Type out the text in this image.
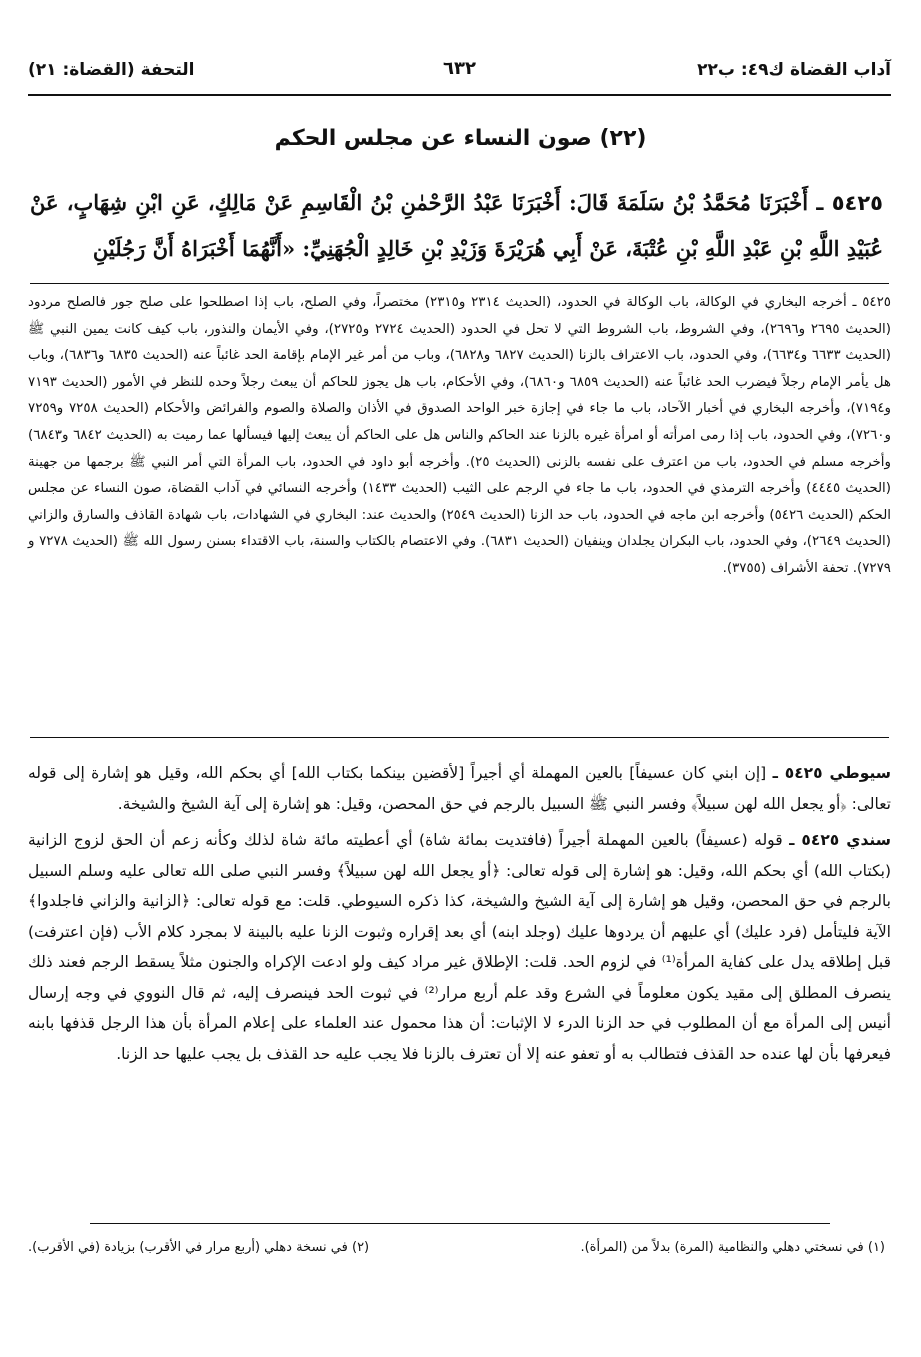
آداب القضاة ك٤٩: ب٢٢
٦٣٢
التحفة (القضاة: ٢١)
(٢٢) صون النساء عن مجلس الحكم
٥٤٢٥ ـ أَخْبَرَنَا مُحَمَّدُ بْنُ سَلَمَةَ قَالَ: أَخْبَرَنَا عَبْدُ الرَّحْمٰنِ بْنُ الْقَاسِمِ عَنْ مَالِكٍ، عَنِ ابْنِ شِهَابٍ، عَنْ عُبَيْدِ اللَّهِ بْنِ عَبْدِ اللَّهِ بْنِ عُتْبَةَ، عَنْ أَبِي هُرَيْرَةَ وَزَيْدِ بْنِ خَالِدٍ الْجُهَنِيِّ: «أَنَّهُمَا أَخْبَرَاهُ أَنَّ رَجُلَيْنِ
٥٤٢٥ ـ أخرجه البخاري في الوكالة، باب الوكالة في الحدود، (الحديث ٢٣١٤ و٢٣١٥) مختصراً، وفي الصلح، باب إذا اصطلحوا على صلح جور فالصلح مردود (الحديث ٢٦٩٥ و٢٦٩٦)، وفي الشروط، باب الشروط التي لا تحل في الحدود (الحديث ٢٧٢٤ و٢٧٢٥)، وفي الأيمان والنذور، باب كيف كانت يمين النبي ﷺ (الحديث ٦٦٣٣ و٦٦٣٤)، وفي الحدود، باب الاعتراف بالزنا (الحديث ٦٨٢٧ و٦٨٢٨)، وباب من أمر غير الإمام بإقامة الحد غائباً عنه (الحديث ٦٨٣٥ و٦٨٣٦)، وباب هل يأمر الإمام رجلاً فيضرب الحد غائباً عنه (الحديث ٦٨٥٩ و٦٨٦٠)، وفي الأحكام، باب هل يجوز للحاكم أن يبعث رجلاً وحده للنظر في الأمور (الحديث ٧١٩٣ و٧١٩٤)، وأخرجه البخاري في أخبار الآحاد، باب ما جاء في إجازة خبر الواحد الصدوق في الأذان والصلاة والصوم والفرائض والأحكام (الحديث ٧٢٥٨ و٧٢٥٩ و٧٢٦٠)، وفي الحدود، باب إذا رمى امرأته أو امرأة غيره بالزنا عند الحاكم والناس هل على الحاكم أن يبعث إليها فيسألها عما رميت به (الحديث ٦٨٤٢ و٦٨٤٣) وأخرجه مسلم في الحدود، باب من اعترف على نفسه بالزنى (الحديث ٢٥). وأخرجه أبو داود في الحدود، باب المرأة التي أمر النبي ﷺ برجمها من جهينة (الحديث ٤٤٤٥) وأخرجه الترمذي في الحدود، باب ما جاء في الرجم على الثيب (الحديث ١٤٣٣) وأخرجه النسائي في آداب القضاة، صون النساء عن مجلس الحكم (الحديث ٥٤٢٦) وأخرجه ابن ماجه في الحدود، باب حد الزنا (الحديث ٢٥٤٩) والحديث عند: البخاري في الشهادات، باب شهادة القاذف والسارق والزاني (الحديث ٢٦٤٩)، وفي الحدود، باب البكران يجلدان وينفيان (الحديث ٦٨٣١). وفي الاعتصام بالكتاب والسنة، باب الاقتداء بسنن رسول الله ﷺ (الحديث ٧٢٧٨ و ٧٢٧٩). تحفة الأشراف (٣٧٥٥).

سيوطي ٥٤٢٥ ـ [إن ابني كان عسيفاً] بالعين المهملة أي أجيراً [لأقضين بينكما بكتاب الله] أي بحكم الله، وقيل هو إشارة إلى قوله تعالى: ﴿أو يجعل الله لهن سبيلاً﴾ وفسر النبي ﷺ السبيل بالرجم في حق المحصن، وقيل: هو إشارة إلى آية الشيخ والشيخة.

سندي ٥٤٢٥ ـ قوله (عسيفاً) بالعين المهملة أجيراً (فافتديت بمائة شاة) أي أعطيته مائة شاة لذلك وكأنه زعم أن الحق لزوج الزانية (بكتاب الله) أي بحكم الله، وقيل: هو إشارة إلى قوله تعالى: ﴿أو يجعل الله لهن سبيلاً﴾ وفسر النبي صلى الله تعالى عليه وسلم السبيل بالرجم في حق المحصن، وقيل هو إشارة إلى آية الشيخ والشيخة، كذا ذكره السيوطي. قلت: مع قوله تعالى: ﴿الزانية والزاني فاجلدوا﴾ الآية فليتأمل (فرد عليك) أي عليهم أن يردوها عليك (وجلد ابنه) أي بعد إقراره وثبوت الزنا عليه بالبينة لا بمجرد كلام الأب (فإن اعترفت) قبل إطلاقه يدل على كفاية المرأة⁽¹⁾ في لزوم الحد. قلت: الإطلاق غير مراد كيف ولو ادعت الإكراه والجنون مثلاً يسقط الرجم فعند ذلك ينصرف المطلق إلى مقيد يكون معلوماً في الشرع وقد علم أربع مرار⁽²⁾ في ثبوت الحد فينصرف إليه، ثم قال النووي في وجه إرسال أنيس إلى المرأة مع أن المطلوب في حد الزنا الدرء لا الإثبات: أن هذا محمول عند العلماء على إعلام المرأة بأن هذا الرجل قذفها بابنه فيعرفها بأن لها عنده حد القذف فتطالب به أو تعفو عنه إلا أن تعترف بالزنا فلا يجب عليه حد القذف بل يجب عليها حد الزنا.

(١) في نسختي دهلي والنظامية (المرة) بدلاً من (المرأة).
(٢) في نسخة دهلي (أربع مرار في الأقرب) بزيادة (في الأقرب).
